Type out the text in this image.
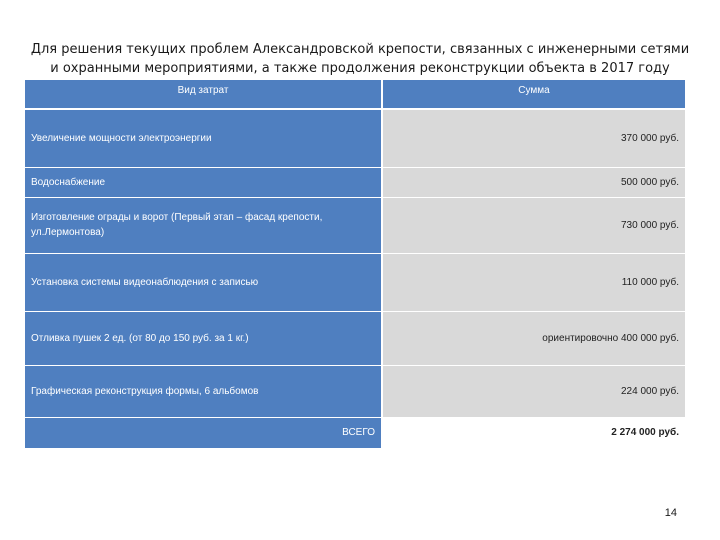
Для решения текущих проблем Александровской крепости, связанных с инженерными сетями и охранными мероприятиями, а также продолжения реконструкции объекта в 2017 году
Вид затрат	Сумма
Увеличение мощности электроэнергии	370 000 руб.
Водоснабжение	500 000 руб.
Изготовление ограды и ворот (Первый этап – фасад крепости, ул.Лермонтова)	730 000 руб.
Установка системы видеонаблюдения с записью	110 000 руб.
Отливка пушек 2 ед. (от 80 до 150 руб. за 1 кг.)	ориентировочно 400 000 руб.
Графическая реконструкция формы, 6 альбомов	224 000 руб.
ВСЕГО	2 274 000 руб.
14
